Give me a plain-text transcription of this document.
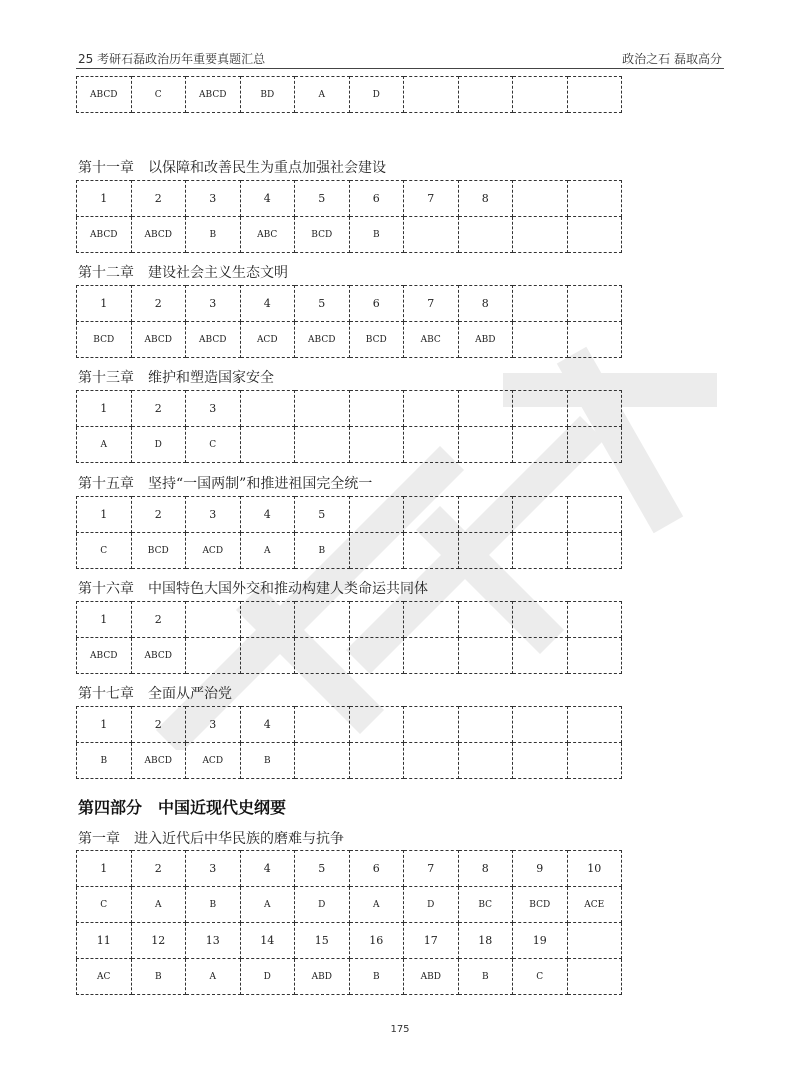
25 考研石磊政治历年重要真题汇总	政治之石 磊取高分
ABCD	C	ABCD	BD	A	D				
第十一章　以保障和改善民生为重点加强社会建设
1	2	3	4	5	6	7	8		
ABCD	ABCD	B	ABC	BCD	B				
第十二章　建设社会主义生态文明
1	2	3	4	5	6	7	8		
BCD	ABCD	ABCD	ACD	ABCD	BCD	ABC	ABD		
第十三章　维护和塑造国家安全
1	2	3							
A	D	C							
第十五章　坚持“一国两制”和推进祖国完全统一
1	2	3	4	5					
C	BCD	ACD	A	B					
第十六章　中国特色大国外交和推动构建人类命运共同体
1	2								
ABCD	ABCD								
第十七章　全面从严治党
1	2	3	4						
B	ABCD	ACD	B						
第四部分　中国近现代史纲要
第一章　进入近代后中华民族的磨难与抗争
1	2	3	4	5	6	7	8	9	10
C	A	B	A	D	A	D	BC	BCD	ACE
11	12	13	14	15	16	17	18	19	
AC	B	A	D	ABD	B	ABD	B	C	
175
